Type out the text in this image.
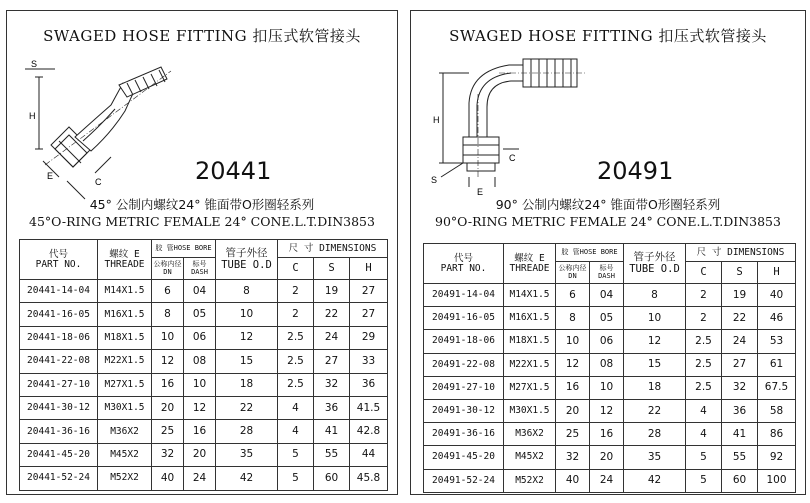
SWAGED HOSE FITTING 扣压式软管接头
S
H
E
C	20441
45° 公制内螺纹24° 锥面带O形圈轻系列
45°O-RING METRIC FEMALE 24° CONE.L.T.DIN3853
代号
PART NO.	螺纹 E
THREADE	胶 管HOSE BORE		管子外径
TUBE O.D	尺 寸 DIMENSIONS		
		公称内径 DN	标号 DASH		C	S	H
20441-14-04	M14X1.5	6	04	8	2	19	27
20441-16-05	M16X1.5	8	05	10	2	22	27
20441-18-06	M18X1.5	10	06	12	2.5	24	29
20441-22-08	M22X1.5	12	08	15	2.5	27	33
20441-27-10	M27X1.5	16	10	18	2.5	32	36
20441-30-12	M30X1.5	20	12	22	4	36	41.5
20441-36-16	M36X2	25	16	28	4	41	42.8
20441-45-20	M45X2	32	20	35	5	55	44
20441-52-24	M52X2	40	24	42	5	60	45.8
SWAGED HOSE FITTING 扣压式软管接头
H
S
E
C	20491
90° 公制内螺纹24° 锥面带O形圈轻系列
90°O-RING METRIC FEMALE 24° CONE.L.T.DIN3853
代号
PART NO.	螺纹 E
THREADE	胶 管HOSE BORE		管子外径
TUBE O.D	尺 寸 DIMENSIONS		
		公称内径 DN	标号 DASH		C	S	H
20491-14-04	M14X1.5	6	04	8	2	19	40
20491-16-05	M16X1.5	8	05	10	2	22	46
20491-18-06	M18X1.5	10	06	12	2.5	24	53
20491-22-08	M22X1.5	12	08	15	2.5	27	61
20491-27-10	M27X1.5	16	10	18	2.5	32	67.5
20491-30-12	M30X1.5	20	12	22	4	36	58
20491-36-16	M36X2	25	16	28	4	41	86
20491-45-20	M45X2	32	20	35	5	55	92
20491-52-24	M52X2	40	24	42	5	60	100
